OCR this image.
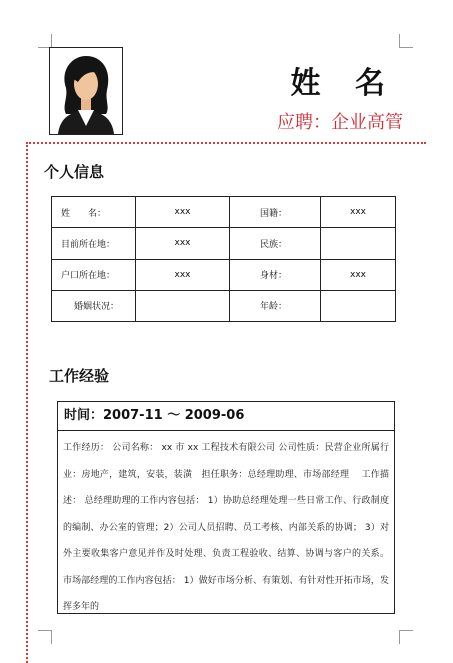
姓 名
应聘：企业高管
个人信息
姓　　名：	xxx	国籍：	xxx
目前所在地：	xxx	民族：	
户口所在地：	xxx	身材：	xxx
婚姻状况：		年龄：	
工作经验
时间：2007-11 ～ 2009-06
工作经历： 公司名称： xx 市 xx 工程技术有限公司 公司性质：民营企业所属行业：房地产，建筑，安装，装潢　担任职务：总经理助理、市场部经理　 工作描述： 总经理助理的工作内容包括： 1）协助总经理处理一些日常工作、行政制度的编制、办公室的管理；2）公司人员招聘、员工考核、内部关系的协调； 3）对外主要收集客户意见并作及时处理、负责工程验收、结算、协调与客户的关系。 市场部经理的工作内容包括： 1）做好市场分析、有策划、有针对性开拓市场，发挥多年的
